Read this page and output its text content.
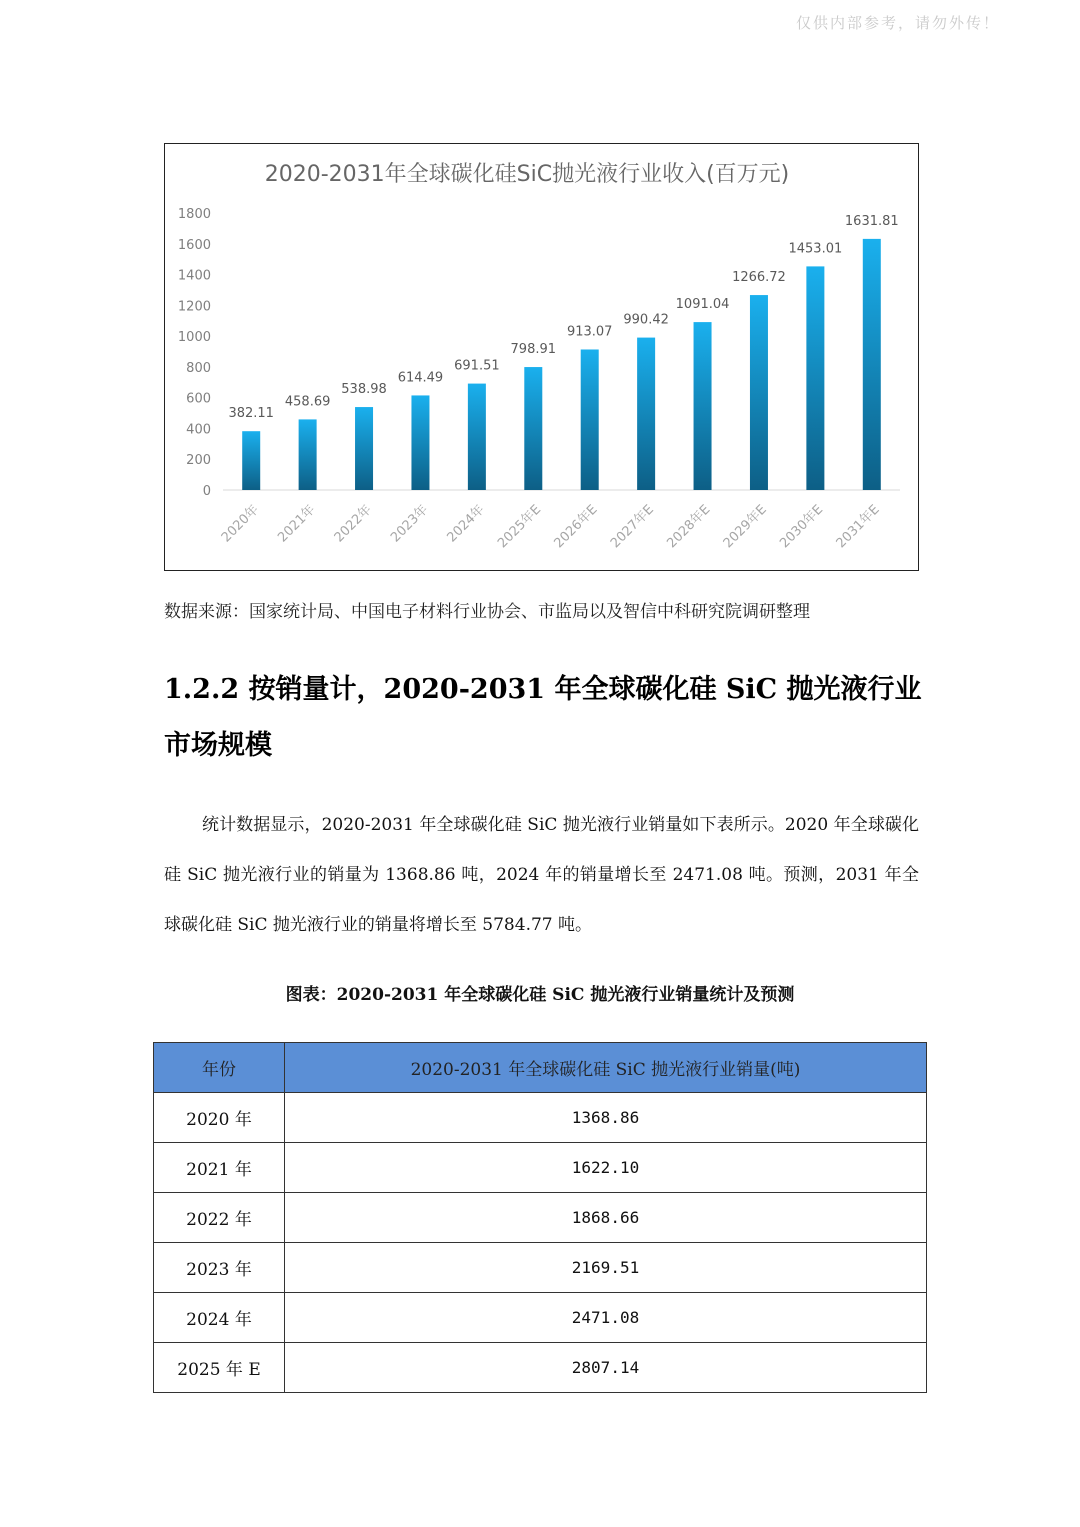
仅供内部参考，请勿外传！
2020-2031年全球碳化硅SiC抛光液行业收入(百万元)
0
200
400
600
800
1000
1200
1400
1600
1800
382.11
2020年
458.69
2021年
538.98
2022年
614.49
2023年
691.51
2024年
798.91
2025年E
913.07
2026年E
990.42
2027年E
1091.04
2028年E
1266.72
2029年E
1453.01
2030年E
1631.81
2031年E
数据来源：国家统计局、中国电子材料行业协会、市监局以及智信中科研究院调研整理
1.2.2 按销量计，2020-2031 年全球碳化硅 SiC 抛光液行业市场规模
统计数据显示，2020-2031 年全球碳化硅 SiC 抛光液行业销量如下表所示。2020 年全球碳化硅 SiC 抛光液行业的销量为 1368.86 吨，2024 年的销量增长至 2471.08 吨。预测，2031 年全球碳化硅 SiC 抛光液行业的销量将增长至 5784.77 吨。
图表：2020-2031 年全球碳化硅 SiC 抛光液行业销量统计及预测
年份	2020-2031 年全球碳化硅 SiC 抛光液行业销量(吨)
2020 年	1368.86
2021 年	1622.10
2022 年	1868.66
2023 年	2169.51
2024 年	2471.08
2025 年 E	2807.14
